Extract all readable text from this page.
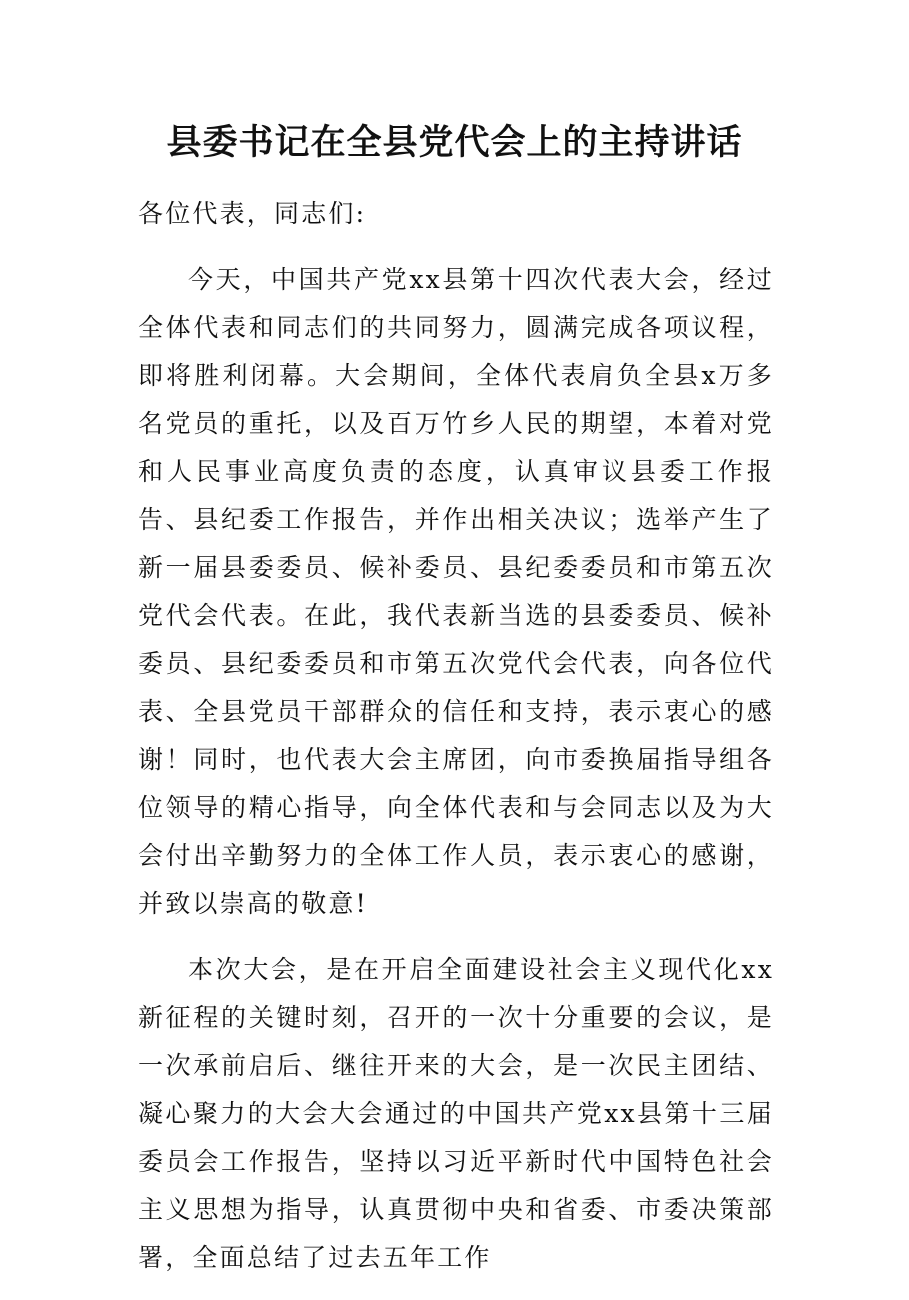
县委书记在全县党代会上的主持讲话

各位代表，同志们:

今天，中国共产党xx县第十四次代表大会，经过全体代表和同志们的共同努力，圆满完成各项议程，即将胜利闭幕。大会期间，全体代表肩负全县x万多名党员的重托，以及百万竹乡人民的期望，本着对党和人民事业高度负责的态度，认真审议县委工作报告、县纪委工作报告，并作出相关决议；选举产生了新一届县委委员、候补委员、县纪委委员和市第五次党代会代表。在此，我代表新当选的县委委员、候补委员、县纪委委员和市第五次党代会代表，向各位代表、全县党员干部群众的信任和支持，表示衷心的感谢！同时，也代表大会主席团，向市委换届指导组各位领导的精心指导，向全体代表和与会同志以及为大会付出辛勤努力的全体工作人员，表示衷心的感谢，并致以崇高的敬意!

本次大会，是在开启全面建设社会主义现代化xx新征程的关键时刻，召开的一次十分重要的会议，是一次承前启后、继往开来的大会，是一次民主团结、凝心聚力的大会大会通过的中国共产党xx县第十三届委员会工作报告，坚持以习近平新时代中国特色社会主义思想为指导，认真贯彻中央和省委、市委决策部署，全面总结了过去五年工作
